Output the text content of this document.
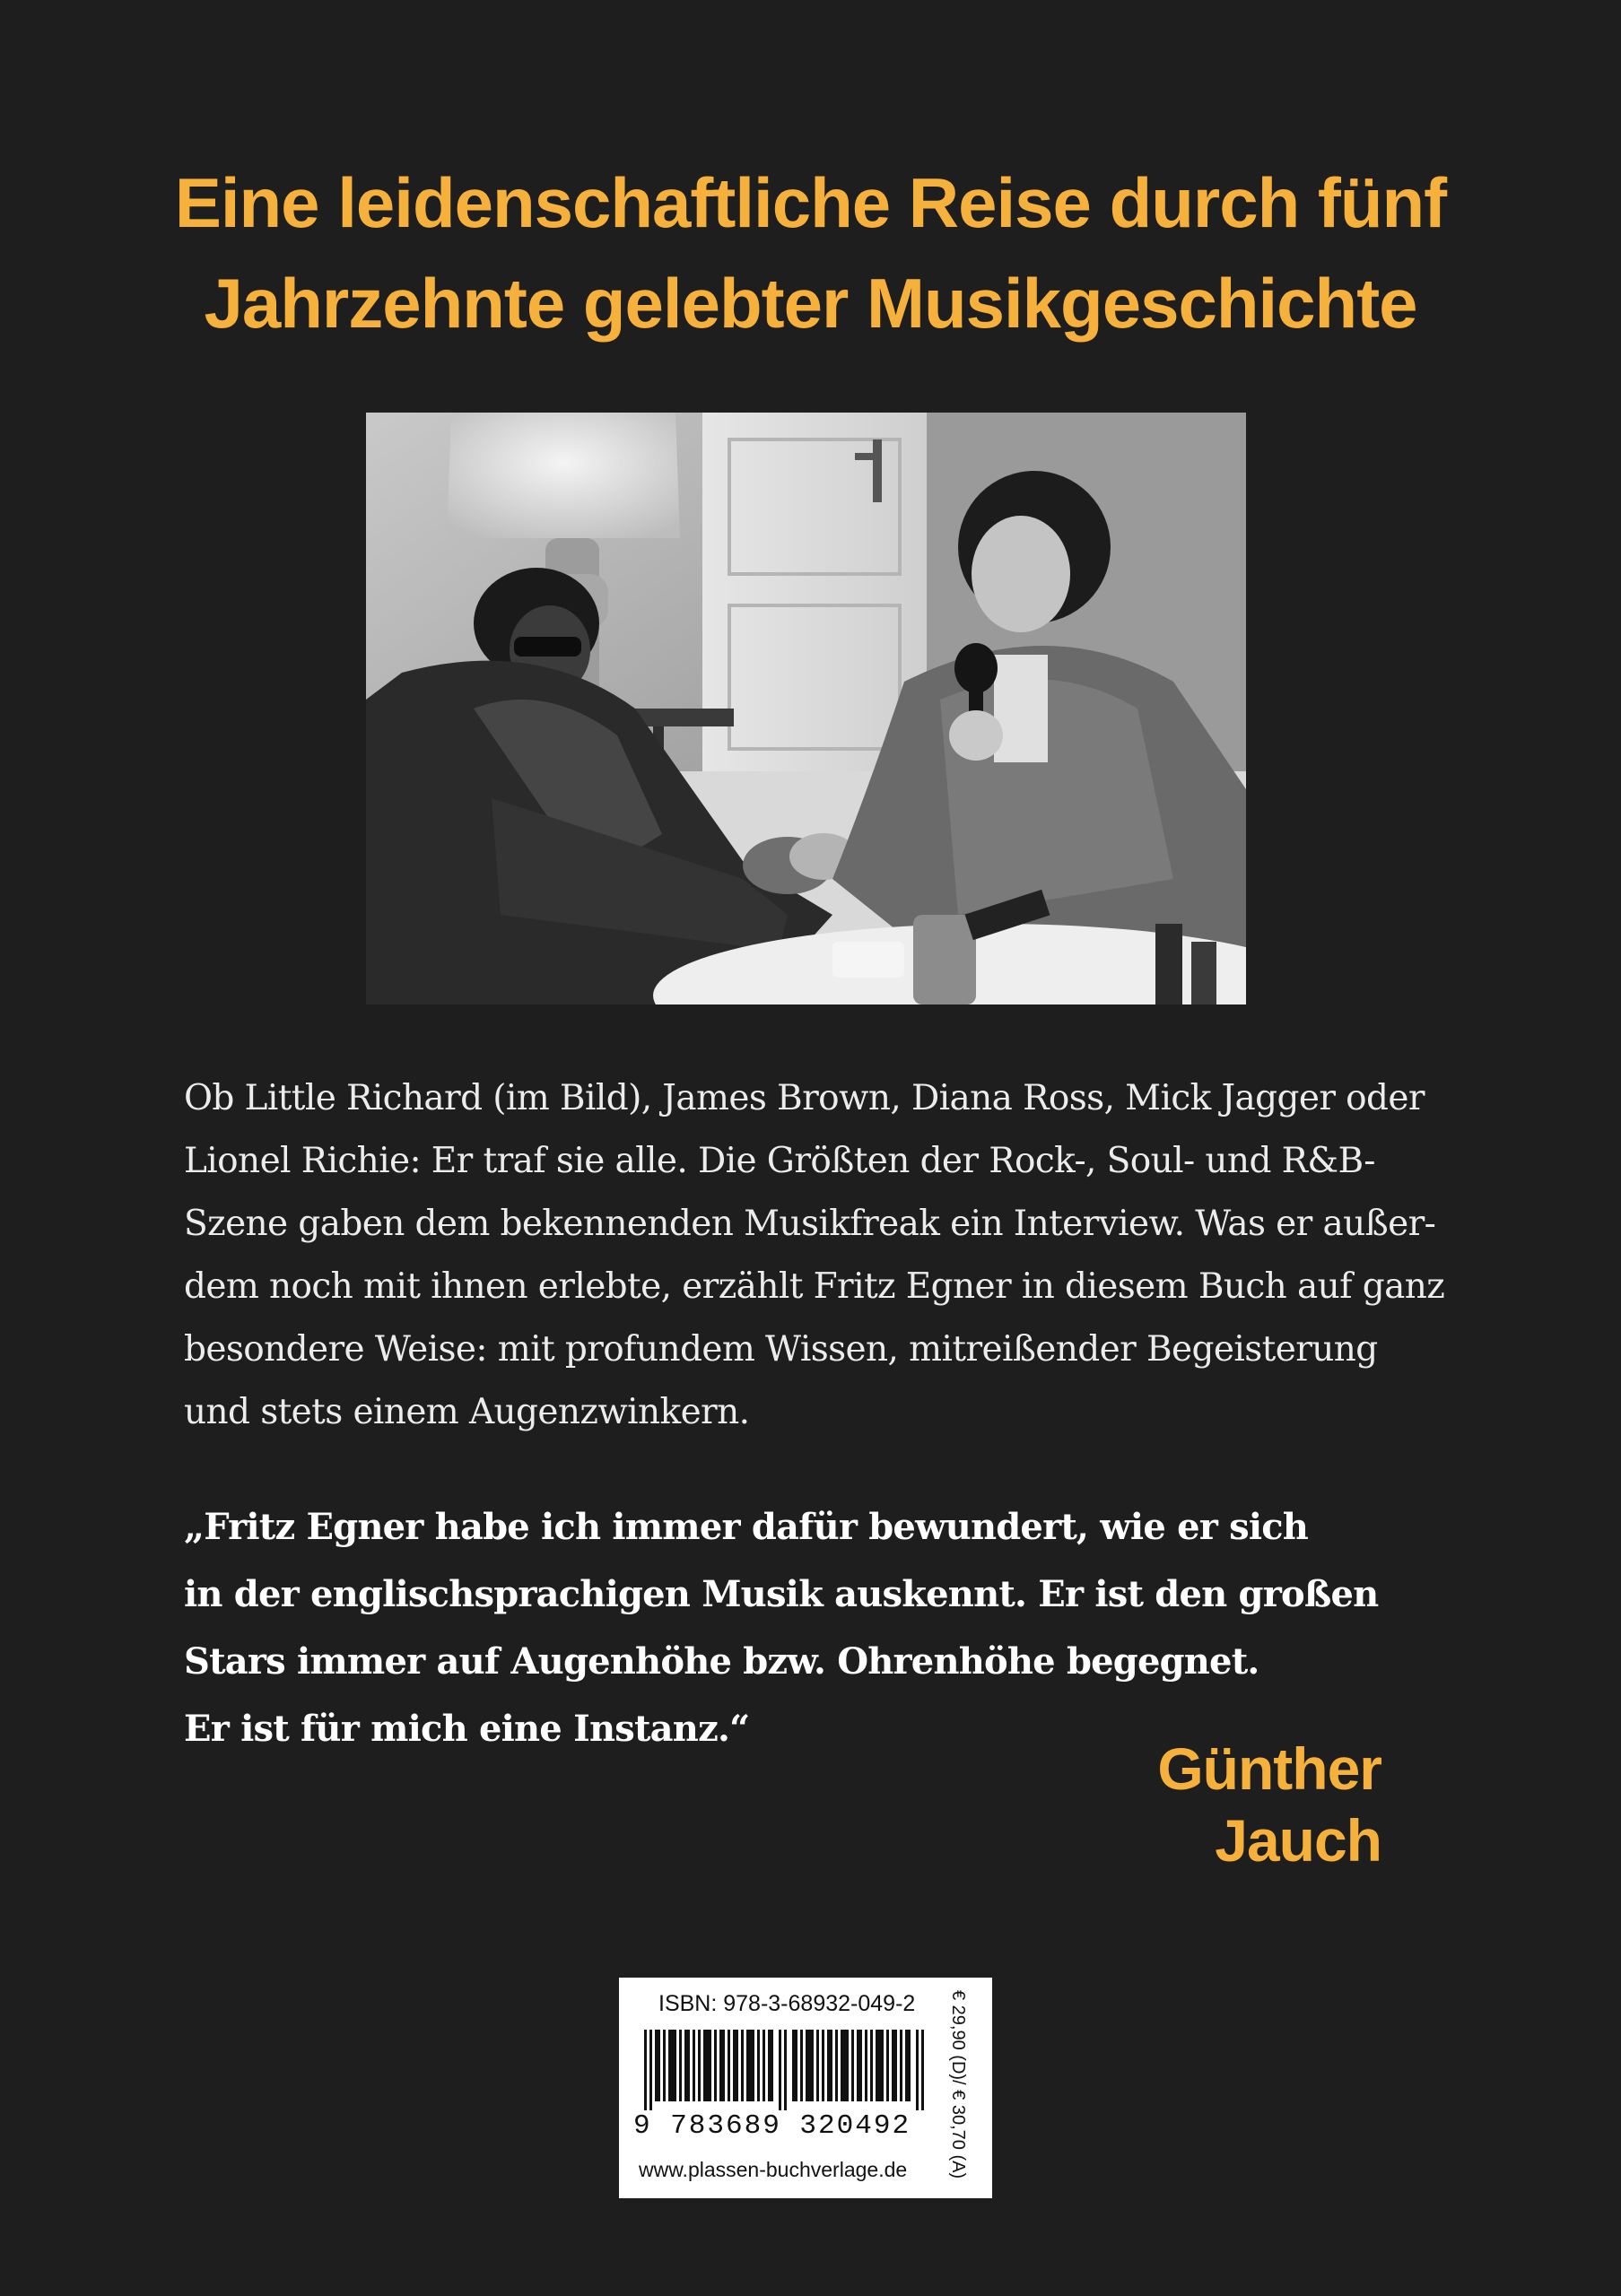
Eine leidenschaftliche Reise durch fünf
Jahrzehnte gelebter Musikgeschichte

Ob Little Richard (im Bild), James Brown, Diana Ross, Mick Jagger oder
Lionel Richie: Er traf sie alle. Die Größten der Rock-, Soul- und R&B-
Szene gaben dem bekennenden Musikfreak ein Interview. Was er außer-
dem noch mit ihnen erlebte, erzählt Fritz Egner in diesem Buch auf ganz
besondere Weise: mit profundem Wissen, mitreißender Begeisterung
und stets einem Augenzwinkern.

„Fritz Egner habe ich immer dafür bewundert, wie er sich
in der englischsprachigen Musik auskennt. Er ist den großen
Stars immer auf Augenhöhe bzw. Ohrenhöhe begegnet.
Er ist für mich eine Instanz.“
Günther Jauch
ISBN: 978-3-68932-049-2
9 783689 320492
www.plassen-buchverlage.de € 29,90 (D)/ € 30,70 (A)
